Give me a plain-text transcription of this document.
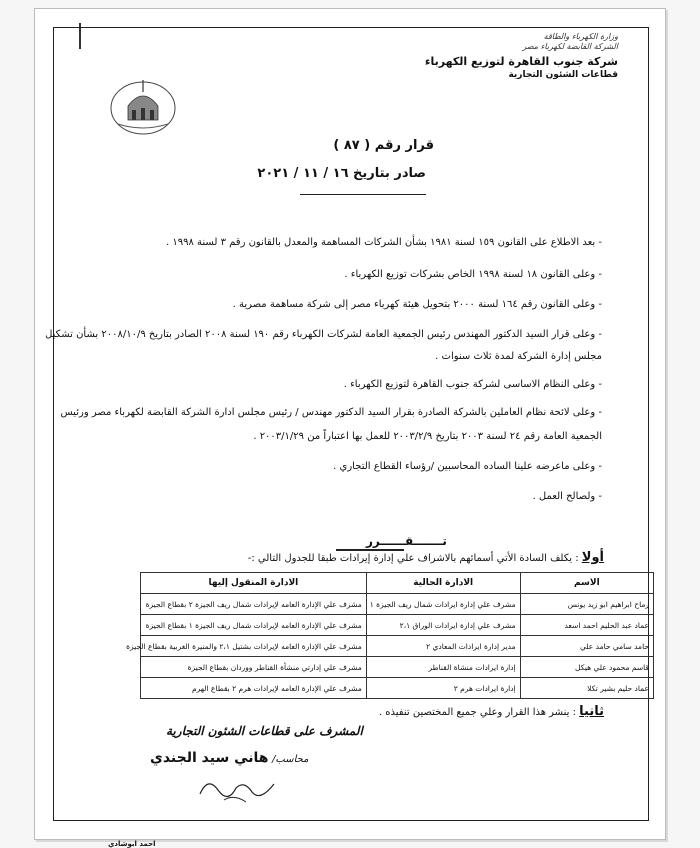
وزارة الكهرباء والطاقة
الشركة القابضة لكهرباء مصر
شركة جنوب القاهرة لتوزيع الكهرباء
قطاعات الشئون التجارية
قرار رقم ( ٨٧ )
صادر بتاريخ ١٦ / ١١ / ٢٠٢١
- بعد الاطلاع على القانون ١٥٩ لسنة ١٩٨١ بشأن الشركات المساهمة والمعدل بالقانون رقم ٣ لسنة ١٩٩٨ .
- وعلى القانون ١٨ لسنة ١٩٩٨ الخاص بشركات توزيع الكهرباء .
- وعلى القانون رقم ١٦٤ لسنة ٢٠٠٠ بتحويل هيئة كهرباء مصر إلى شركة مساهمة مصرية .
- وعلى قرار السيد الدكتور المهندس رئيس الجمعية العامة لشركات الكهرباء رقم ١٩٠ لسنة ٢٠٠٨ الصادر بتاريخ ٢٠٠٨/١٠/٩ بشأن تشكيل
مجلس إدارة الشركة لمدة ثلاث سنوات .
- وعلى النظام الاساسى لشركة جنوب القاهرة لتوزيع الكهرباء .
- وعلى لائحة نظام العاملين بالشركة الصادرة بقرار السيد الدكتور مهندس / رئيس مجلس ادارة الشركة القابضة لكهرباء مصر ورئيس
الجمعية العامة رقم ٢٤ لسنة ٢٠٠٣ بتاريخ ٢٠٠٣/٢/٩ للعمل بها اعتباراً من ٢٠٠٣/١/٢٩ .
- وعلى ماعرضه علينا الساده المحاسبين /رؤساء القطاع التجاري .
- ولصالح العمل .
تـــــــقــــــرر
أولا : يكلف السادة الأتي أسمائهم بالاشراف علي إدارة إيرادات طبقا للجدول التالي :-
الاسم	الادارة الحالية	الادارة المنقول إليها
رماح ابراهيم ابو زيد يونس	مشرف علي إدارة ايرادات شمال ريف الجيزة ١	مشرف علي الإدارة العامه لإيرادات شمال ريف الجيزة ٢ بقطاع الجيزة
عماد عبد الحليم احمد اسعد	مشرف علي إدارة ايرادات الوراق ٢،١	مشرف علي الإدارة العامه لإيرادات شمال ريف الجيزة ١ بقطاع الجيزة
حامد سامي حامد علي	مدير إدارة ايرادات المعادي ٢	مشرف علي الإدارة العامه لإيرادات بشتيل ٢،١ والمنيرة الغربية بقطاع الجيزة
قاسم محمود علي هيكل	إدارة ايرادات منشاة القناطر	مشرف علي إدارتي منشأة القناطر ووردان بقطاع الجيزة
عماد حليم بشير تكلا	إدارة ايرادات هرم ٢	مشرف علي الإدارة العامه لإيرادات هرم ٢ بقطاع الهرم
ثانيا : ينشر هذا القرار وعلي جميع المختصين تنفيذه .
المشرف على قطاعات الشئون التجارية
محاسب/
هاني سيد الجندي
احمد ابوشادي
